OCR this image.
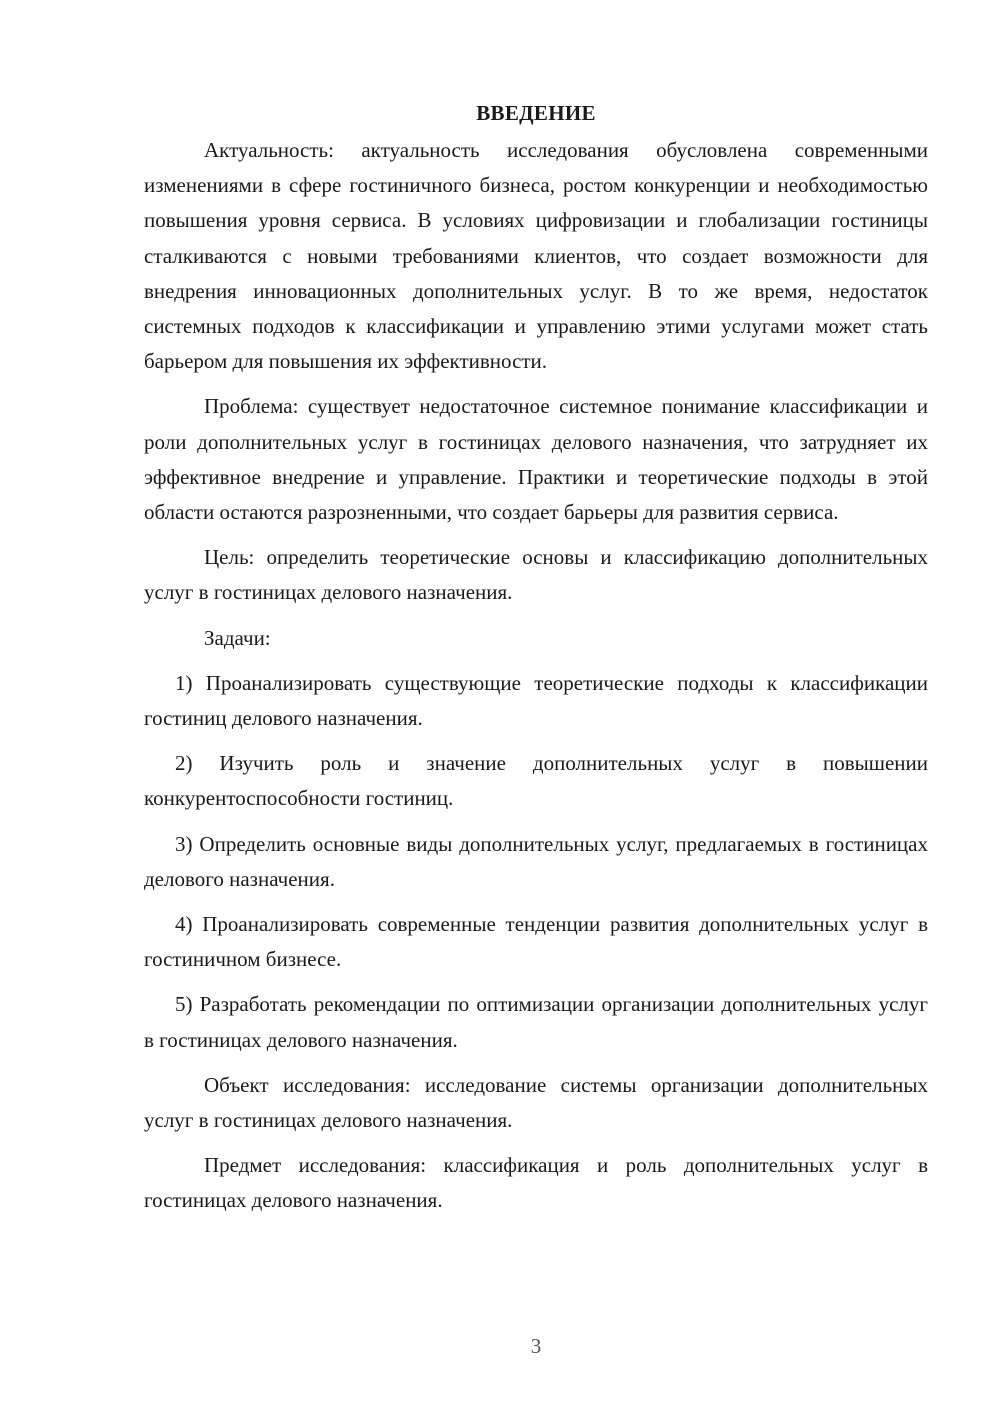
ВВЕДЕНИЕ

Актуальность: актуальность исследования обусловлена современными изменениями в сфере гостиничного бизнеса, ростом конкуренции и необходимостью повышения уровня сервиса. В условиях цифровизации и глобализации гостиницы сталкиваются с новыми требованиями клиентов, что создает возможности для внедрения инновационных дополнительных услуг. В то же время, недостаток системных подходов к классификации и управлению этими услугами может стать барьером для повышения их эффективности.

Проблема: существует недостаточное системное понимание классификации и роли дополнительных услуг в гостиницах делового назначения, что затрудняет их эффективное внедрение и управление. Практики и теоретические подходы в этой области остаются разрозненными, что создает барьеры для развития сервиса.

Цель: определить теоретические основы и классификацию дополнительных услуг в гостиницах делового назначения.

Задачи:

1) Проанализировать существующие теоретические подходы к классификации гостиниц делового назначения.

2) Изучить роль и значение дополнительных услуг в повышении конкурентоспособности гостиниц.

3) Определить основные виды дополнительных услуг, предлагаемых в гостиницах делового назначения.

4) Проанализировать современные тенденции развития дополнительных услуг в гостиничном бизнесе.

5) Разработать рекомендации по оптимизации организации дополнительных услуг в гостиницах делового назначения.

Объект исследования: исследование системы организации дополнительных услуг в гостиницах делового назначения.

Предмет исследования: классификация и роль дополнительных услуг в гостиницах делового назначения.

3
